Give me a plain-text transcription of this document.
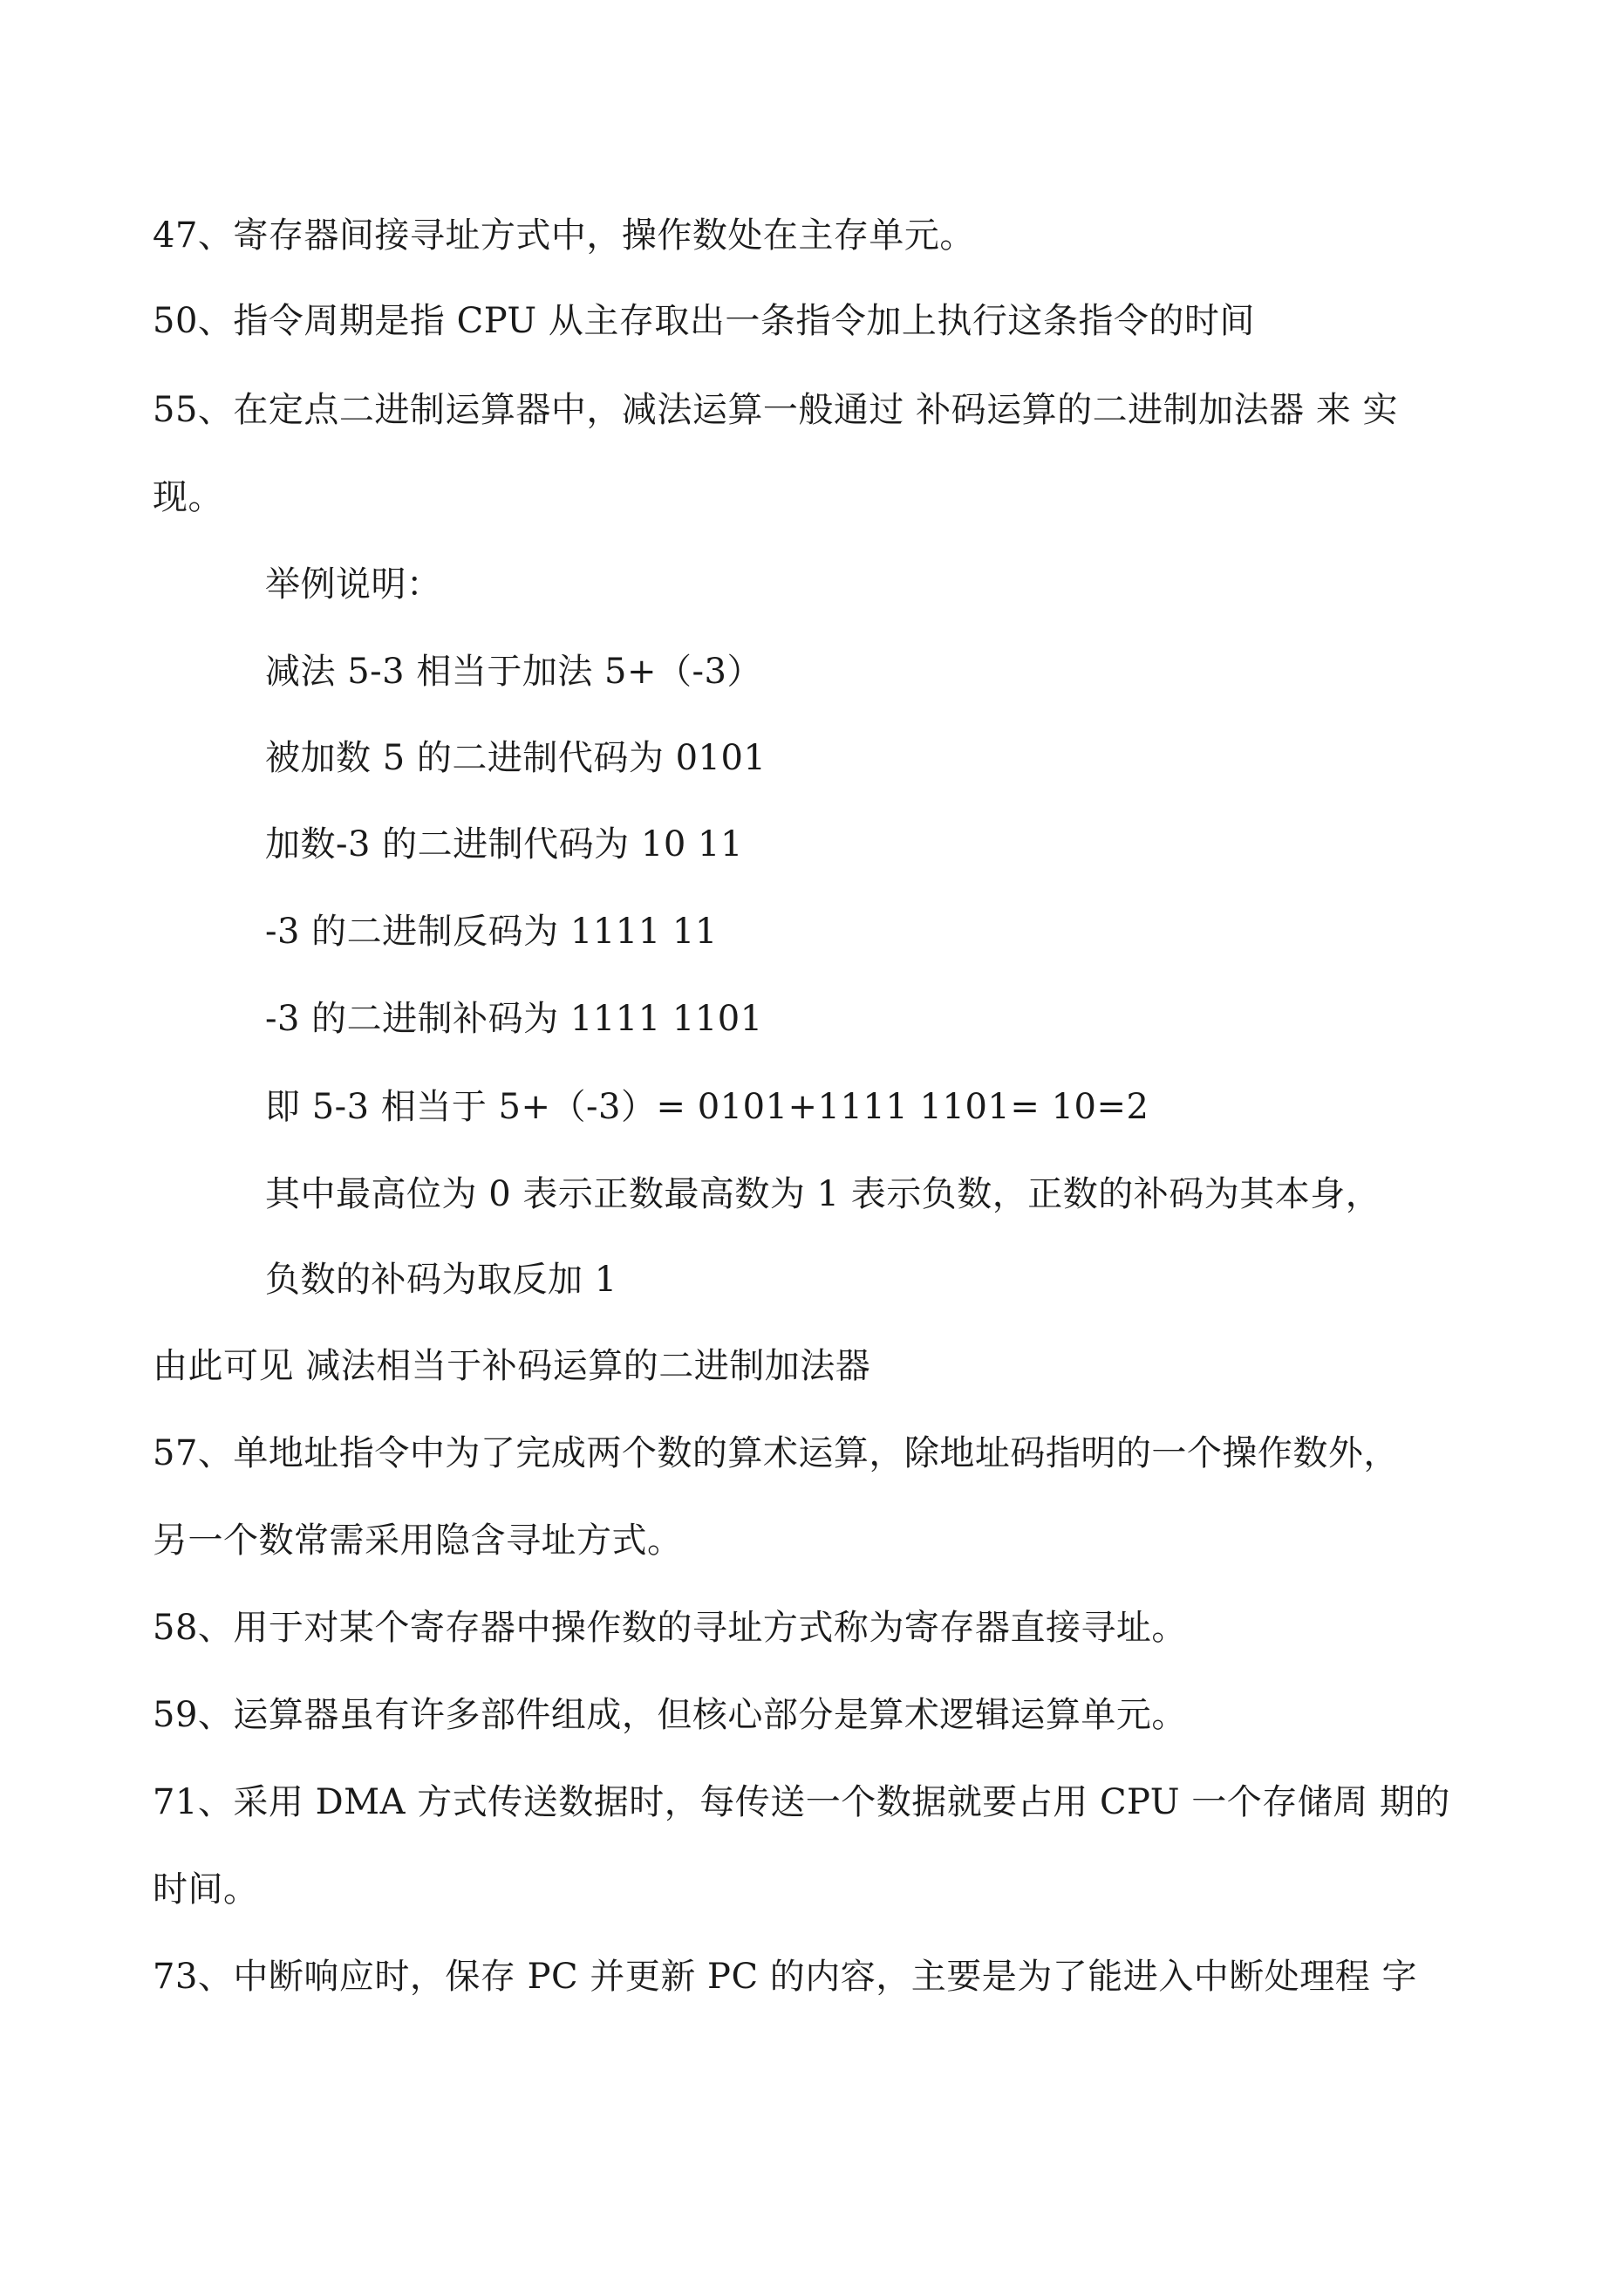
47、寄存器间接寻址方式中，操作数处在主存单元。
50、指令周期是指 CPU 从主存取出一条指令加上执行这条指令的时间
55、在定点二进制运算器中，减法运算一般通过 补码运算的二进制加法器 来 实
现。
举例说明：
减法 5-3 相当于加法 5+（-3）
被加数 5 的二进制代码为 0101
加数-3 的二进制代码为 10 11
-3 的二进制反码为 1111 11
-3 的二进制补码为 1111 1101
即 5-3 相当于 5+（-3）= 0101+1111 1101= 10=2
其中最高位为 0 表示正数最高数为 1 表示负数，正数的补码为其本身，
负数的补码为取反加 1
由此可见 减法相当于补码运算的二进制加法器
57、单地址指令中为了完成两个数的算术运算，除地址码指明的一个操作数外，
另一个数常需采用隐含寻址方式。
58、用于对某个寄存器中操作数的寻址方式称为寄存器直接寻址。
59、运算器虽有许多部件组成，但核心部分是算术逻辑运算单元。
71、采用 DMA 方式传送数据时，每传送一个数据就要占用 CPU 一个存储周 期的
时间。
73、中断响应时，保存 PC 并更新 PC 的内容，主要是为了能进入中断处理程 字
